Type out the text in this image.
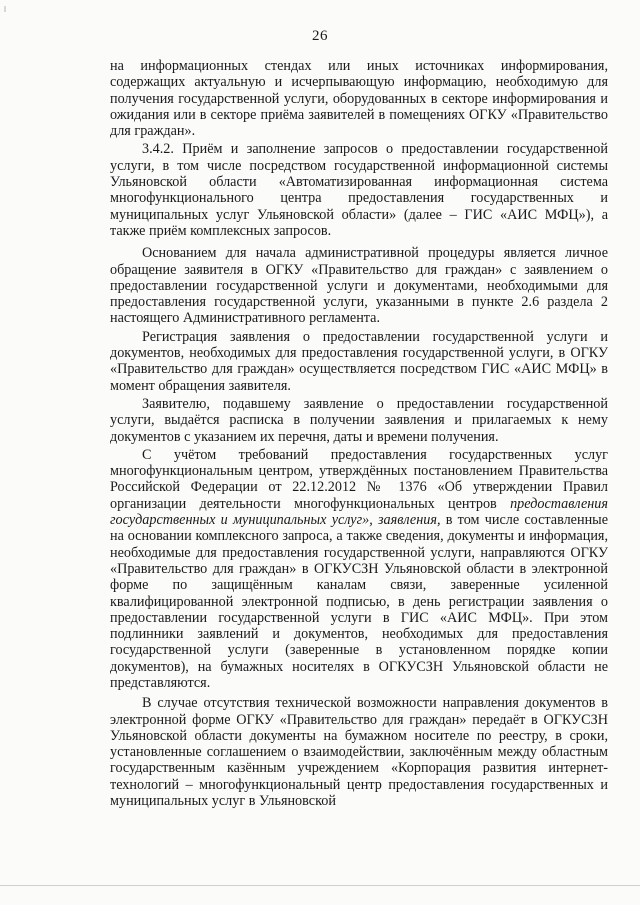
26

на информационных стендах или иных источниках информирования, содержащих актуальную и исчерпывающую информацию, необходимую для получения государственной услуги, оборудованных в секторе информирования и ожидания или в секторе приёма заявителей в помещениях ОГКУ «Правительство для граждан».

3.4.2. Приём и заполнение запросов о предоставлении государственной услуги, в том числе посредством государственной информационной системы Ульяновской области «Автоматизированная информационная система многофункционального центра предоставления государственных и муниципальных услуг Ульяновской области» (далее – ГИС «АИС МФЦ»), а также приём комплексных запросов.

Основанием для начала административной процедуры является личное обращение заявителя в ОГКУ «Правительство для граждан» с заявлением о предоставлении государственной услуги и документами, необходимыми для предоставления государственной услуги, указанными в пункте 2.6 раздела 2 настоящего Административного регламента.

Регистрация заявления о предоставлении государственной услуги и документов, необходимых для предоставления государственной услуги, в ОГКУ «Правительство для граждан» осуществляется посредством ГИС «АИС МФЦ» в момент обращения заявителя.

Заявителю, подавшему заявление о предоставлении государственной услуги, выдаётся расписка в получении заявления и прилагаемых к нему документов с указанием их перечня, даты и времени получения.

С учётом требований предоставления государственных услуг многофункциональным центром, утверждённых постановлением Правительства Российской Федерации от 22.12.2012 № 1376 «Об утверждении Правил организации деятельности многофункциональных центров предоставления государственных и муниципальных услуг», заявления, в том числе составленные на основании комплексного запроса, а также сведения, документы и информация, необходимые для предоставления государственной услуги, направляются ОГКУ «Правительство для граждан» в ОГКУСЗН Ульяновской области в электронной форме по защищённым каналам связи, заверенные усиленной квалифицированной электронной подписью, в день регистрации заявления о предоставлении государственной услуги в ГИС «АИС МФЦ». При этом подлинники заявлений и документов, необходимых для предоставления государственной услуги (заверенные в установленном порядке копии документов), на бумажных носителях в ОГКУСЗН Ульяновской области не представляются.

В случае отсутствия технической возможности направления документов в электронной форме ОГКУ «Правительство для граждан» передаёт в ОГКУСЗН Ульяновской области документы на бумажном носителе по реестру, в сроки, установленные соглашением о взаимодействии, заключённым между областным государственным казённым учреждением «Корпорация развития интернет-технологий – многофункциональный центр предоставления государственных и муниципальных услуг в Ульяновской
